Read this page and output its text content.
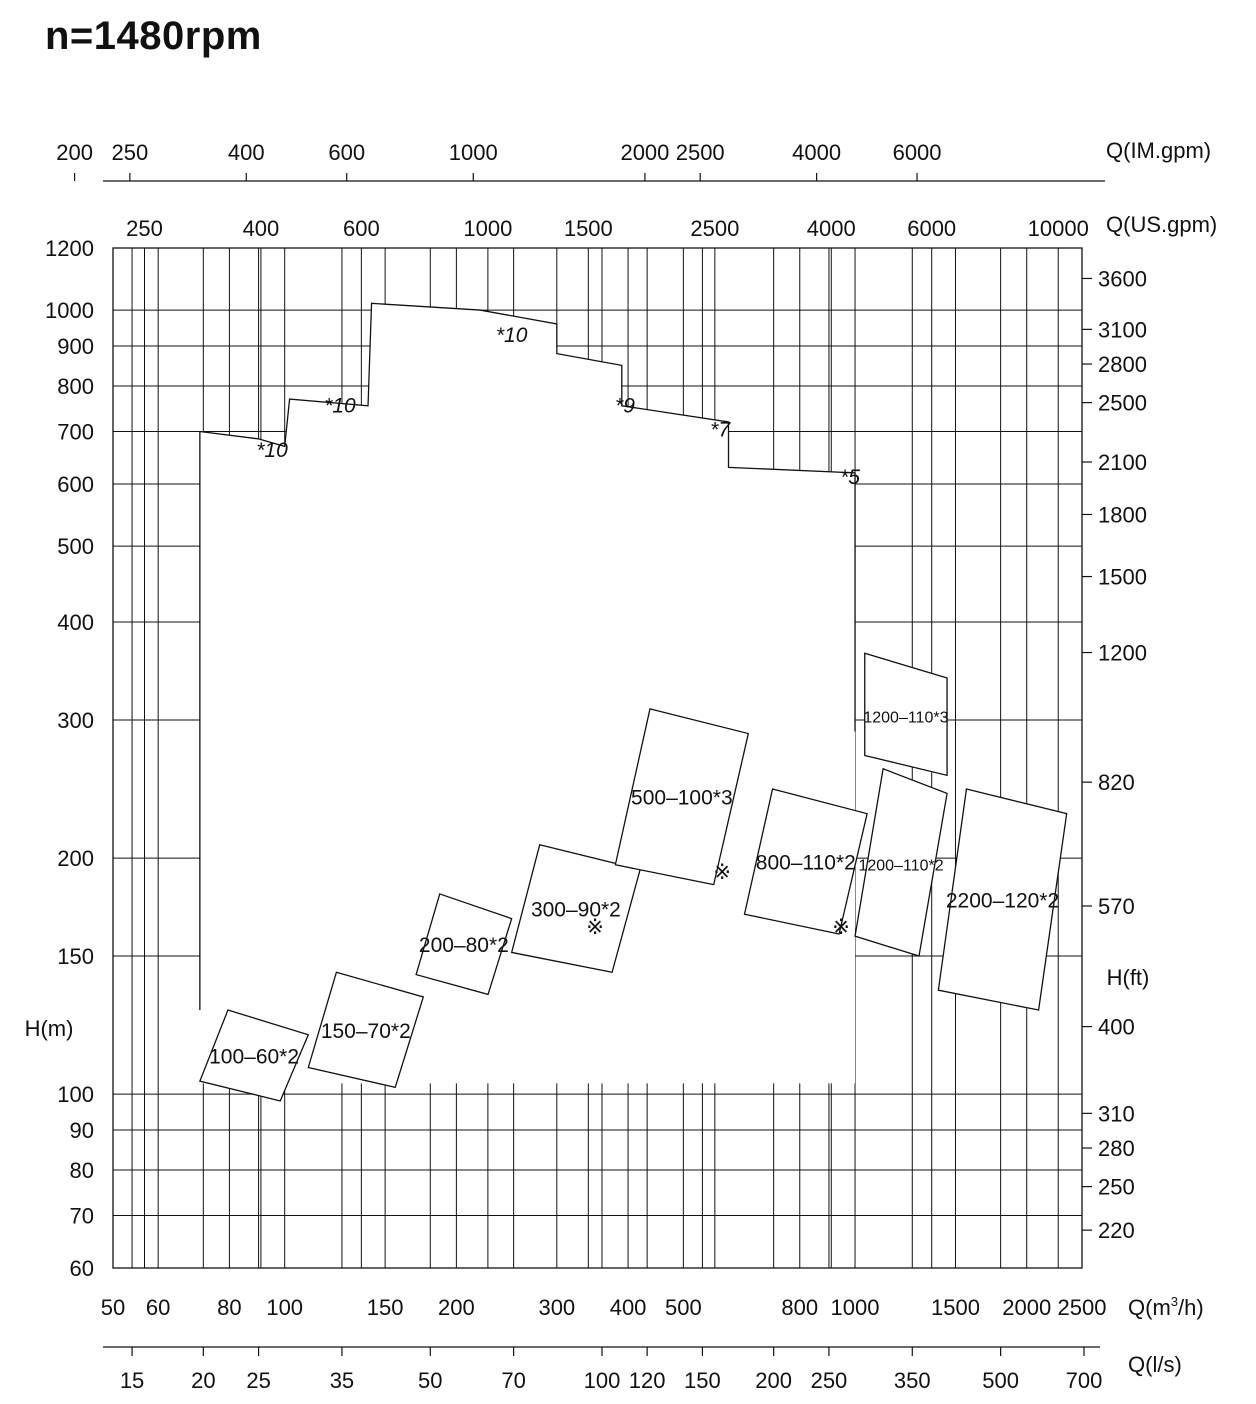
n=1480rpm
1200
1000
900
800
700
600
500
400
300
200
150
100
90
80
70
60
3600
3100
2800
2500
2100
1800
1500
1200
820
570
400
310
280
250
220
H(ft)
H(m)
50 60 80 100	150 200	300 400 500	800 1000 1500 2000 2500 $Q(m^3/h)$
15 20 25	35	50	70	100 120 150 200 250 350 500 700
Q(l/s)
250	400	600	1000 1500	2500	4000 6000	10000 Q(US.gpm)
200 250	400	600	1000	2000 2500	4000 6000	Q(IM.gpm)
100–60*2
150–70*2
200–80*2
300–90*2
500–100*3
800–110*2
1200–110*3
1200–110*2
2200–120*2
*10
*10
*10
*9
*7
*5
※
※
※
